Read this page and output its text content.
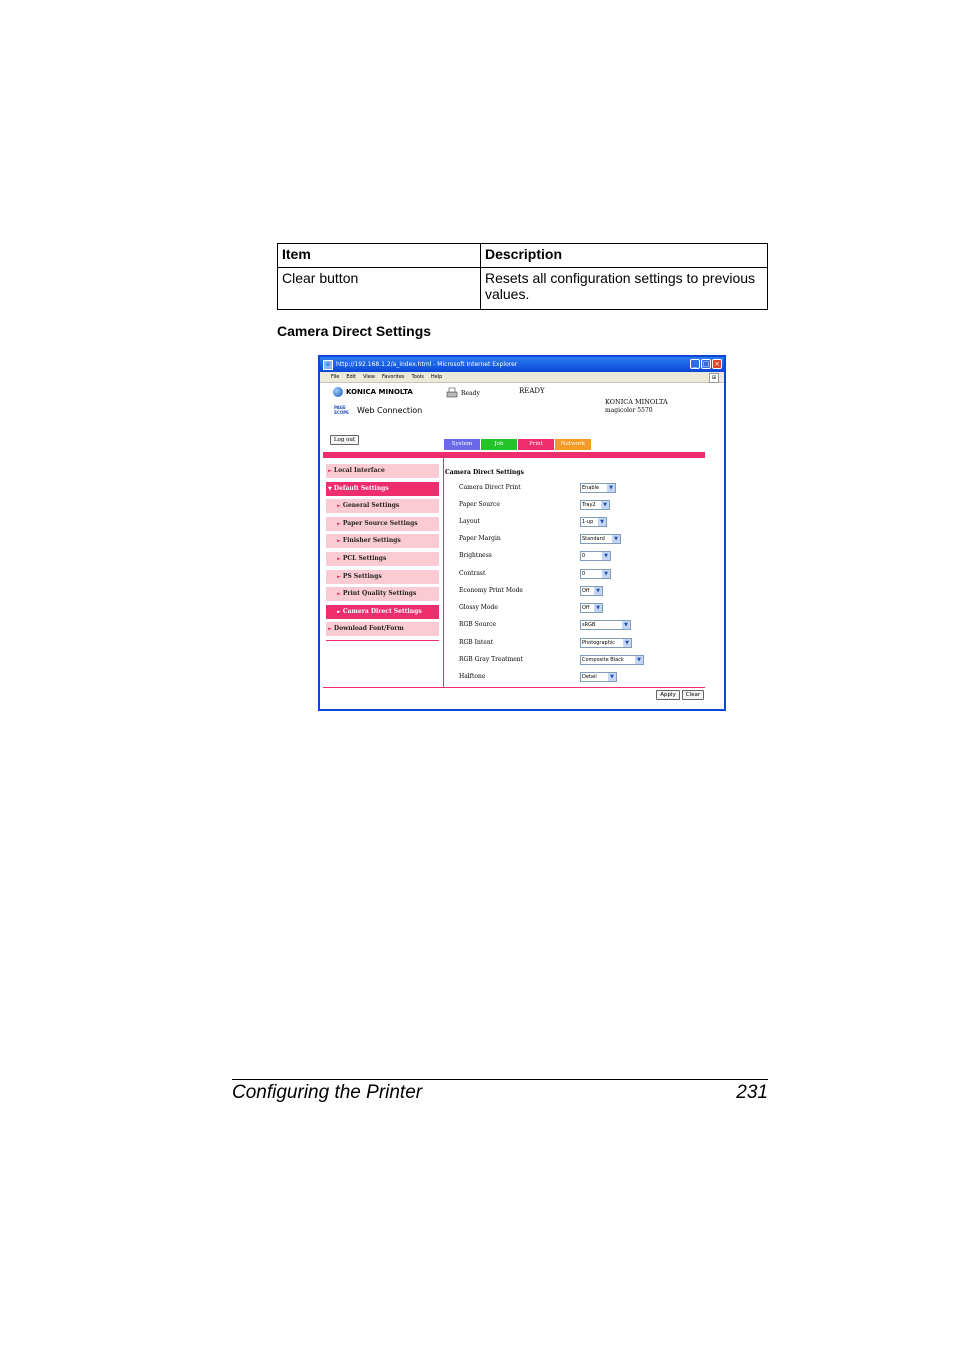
Item	Description
Clear button	Resets all configuration settings to previous values.
Camera Direct Settings
e	http://192.168.1.2/a_index.html - Microsoft Internet Explorer	_ □ ×
File Edit View Favorites Tools Help	⊞
KONICA MINOLTA
PAGE
SCOPE	Web Connection
Ready	READY
KONICA MINOLTA
magicolor 5570
Log out
System	Job	Print	Network
► Local Interface
▼ Default Settings
► General Settings
► Paper Source Settings
► Finisher Settings
► PCL Settings
► PS Settings
► Print Quality Settings
► Camera Direct Settings
► Download Font/Form
Camera Direct Settings
Camera Direct Print	Enable	▼
Paper Source	Tray2	▼
Layout	1-up	▼
Paper Margin	Standard	▼
Brightness	0	▼
Contrast	0	▼
Economy Print Mode	Off	▼
Glossy Mode	Off	▼
RGB Source	sRGB	▼
RGB Intent	Photographic	▼
RGB Gray Treatment	Composite Black	▼
Halftone	Detail	▼
Apply	Clear
Configuring the Printer	231
